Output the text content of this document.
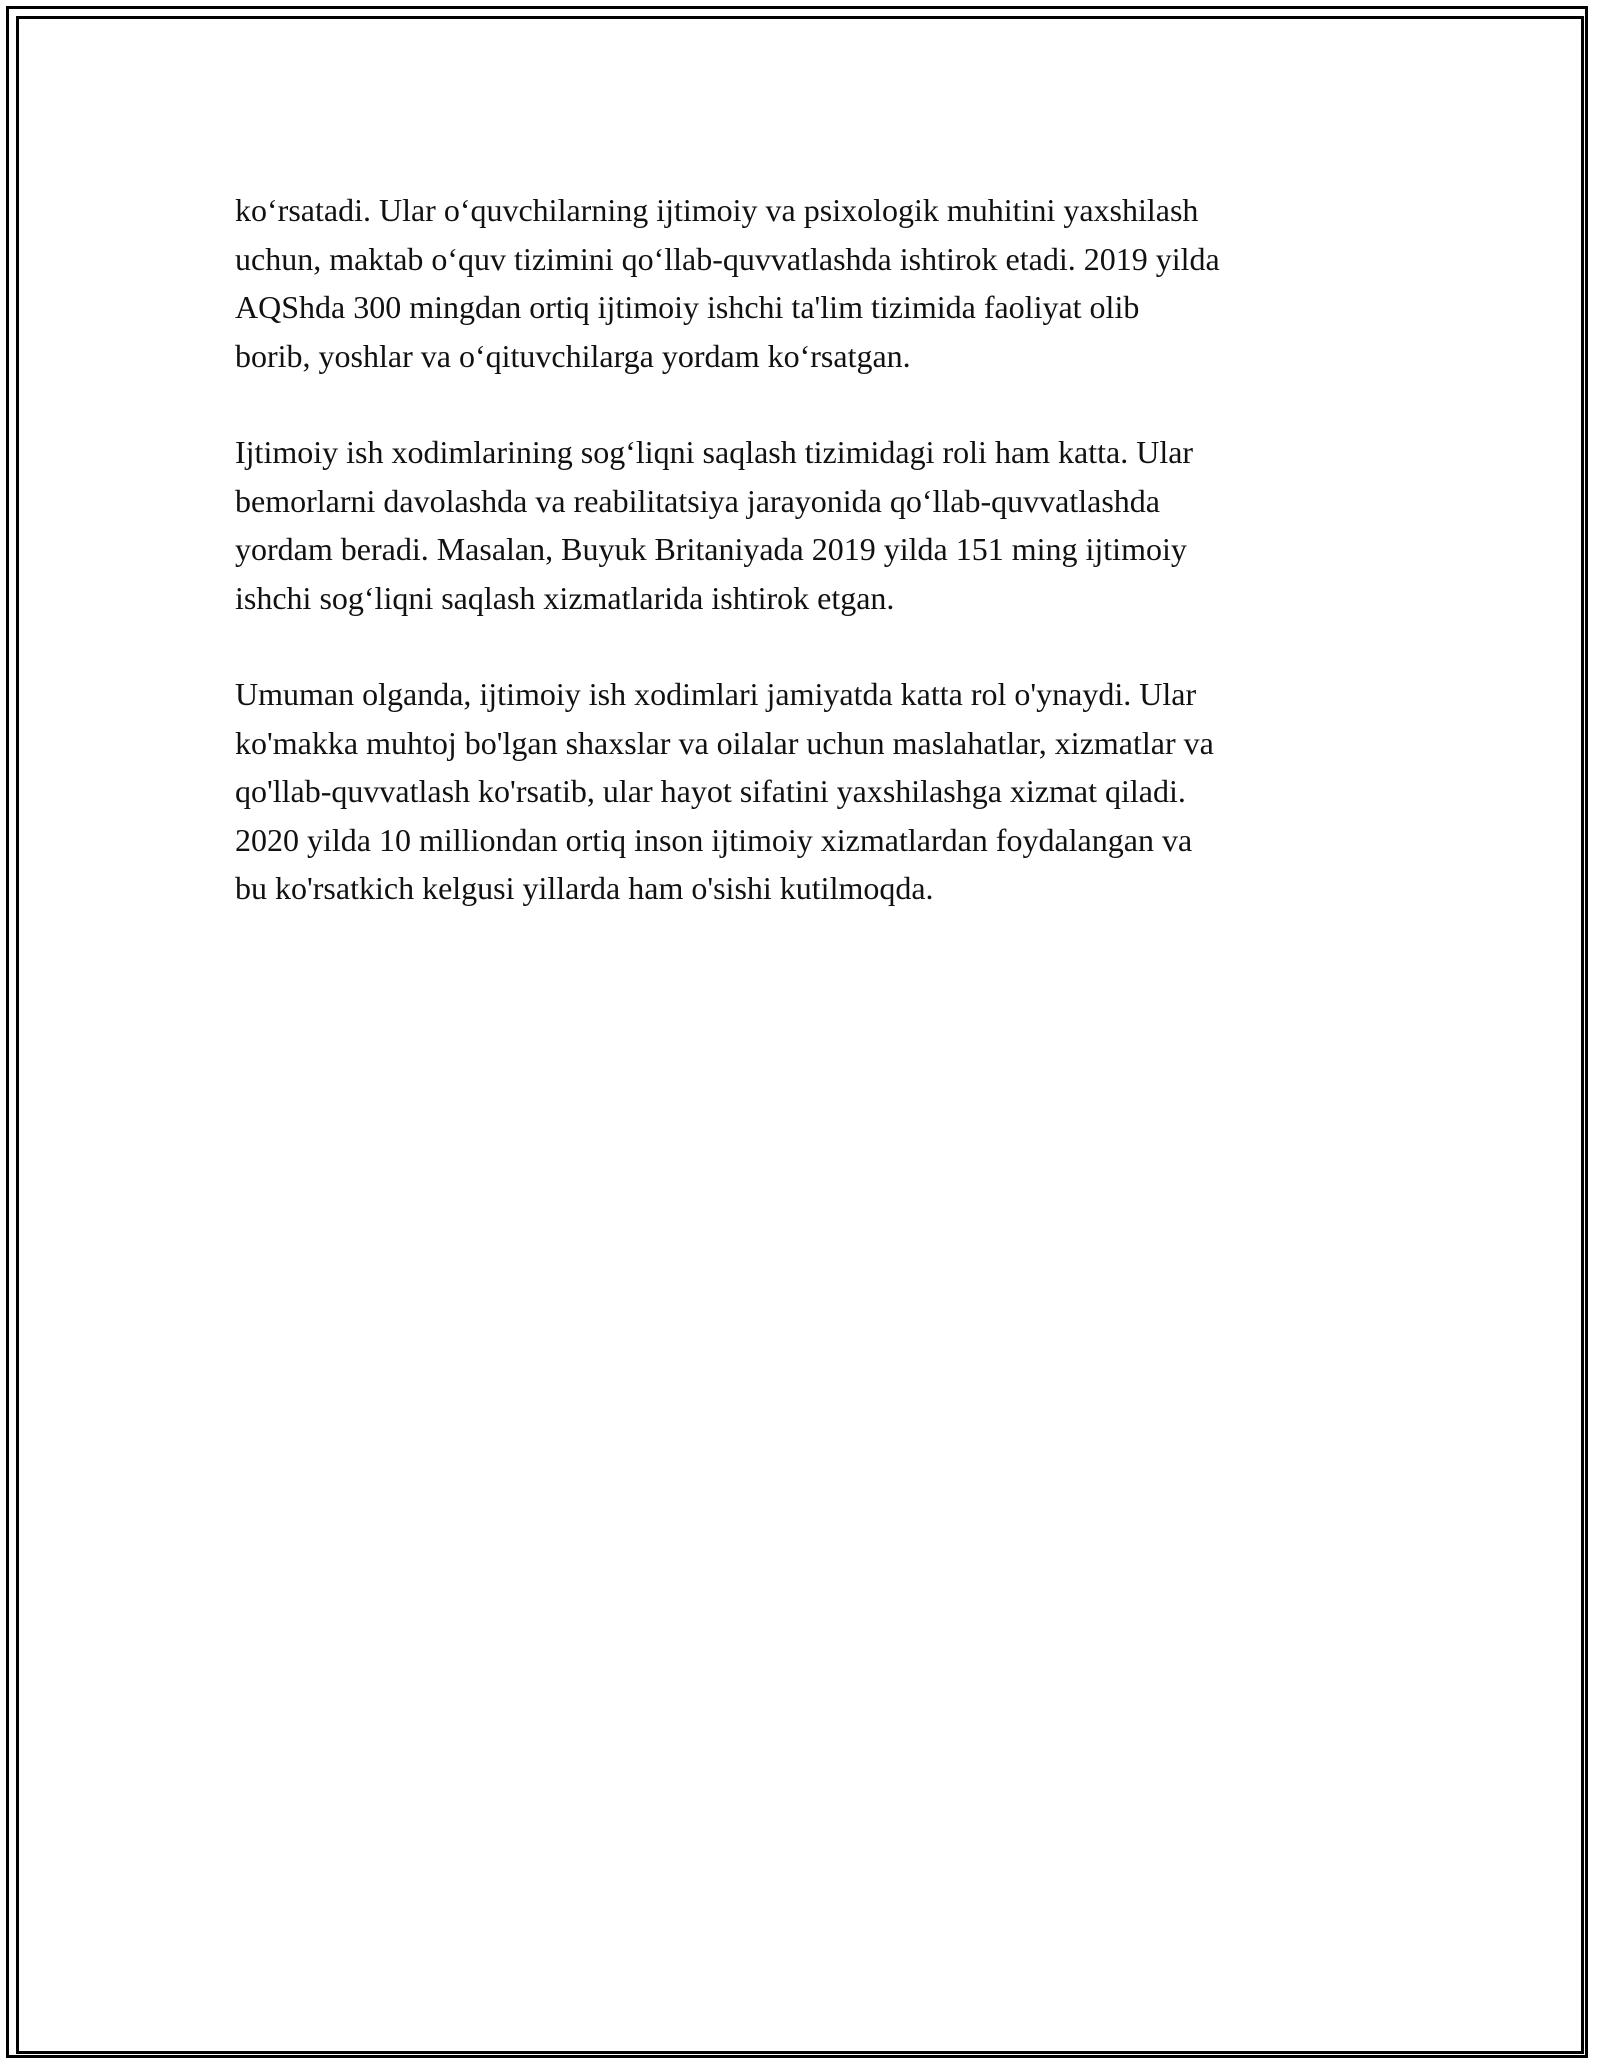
ko‘rsatadi. Ular o‘quvchilarning ijtimoiy va psixologik muhitini yaxshilash
uchun, maktab o‘quv tizimini qo‘llab-quvvatlashda ishtirok etadi. 2019 yilda
AQShda 300 mingdan ortiq ijtimoiy ishchi ta'lim tizimida faoliyat olib
borib, yoshlar va o‘qituvchilarga yordam ko‘rsatgan.

Ijtimoiy ish xodimlarining sog‘liqni saqlash tizimidagi roli ham katta. Ular
bemorlarni davolashda va reabilitatsiya jarayonida qo‘llab-quvvatlashda
yordam beradi. Masalan, Buyuk Britaniyada 2019 yilda 151 ming ijtimoiy
ishchi sog‘liqni saqlash xizmatlarida ishtirok etgan.

Umuman olganda, ijtimoiy ish xodimlari jamiyatda katta rol o'ynaydi. Ular
ko'makka muhtoj bo'lgan shaxslar va oilalar uchun maslahatlar, xizmatlar va
qo'llab-quvvatlash ko'rsatib, ular hayot sifatini yaxshilashga xizmat qiladi.
2020 yilda 10 milliondan ortiq inson ijtimoiy xizmatlardan foydalangan va
bu ko'rsatkich kelgusi yillarda ham o'sishi kutilmoqda.
